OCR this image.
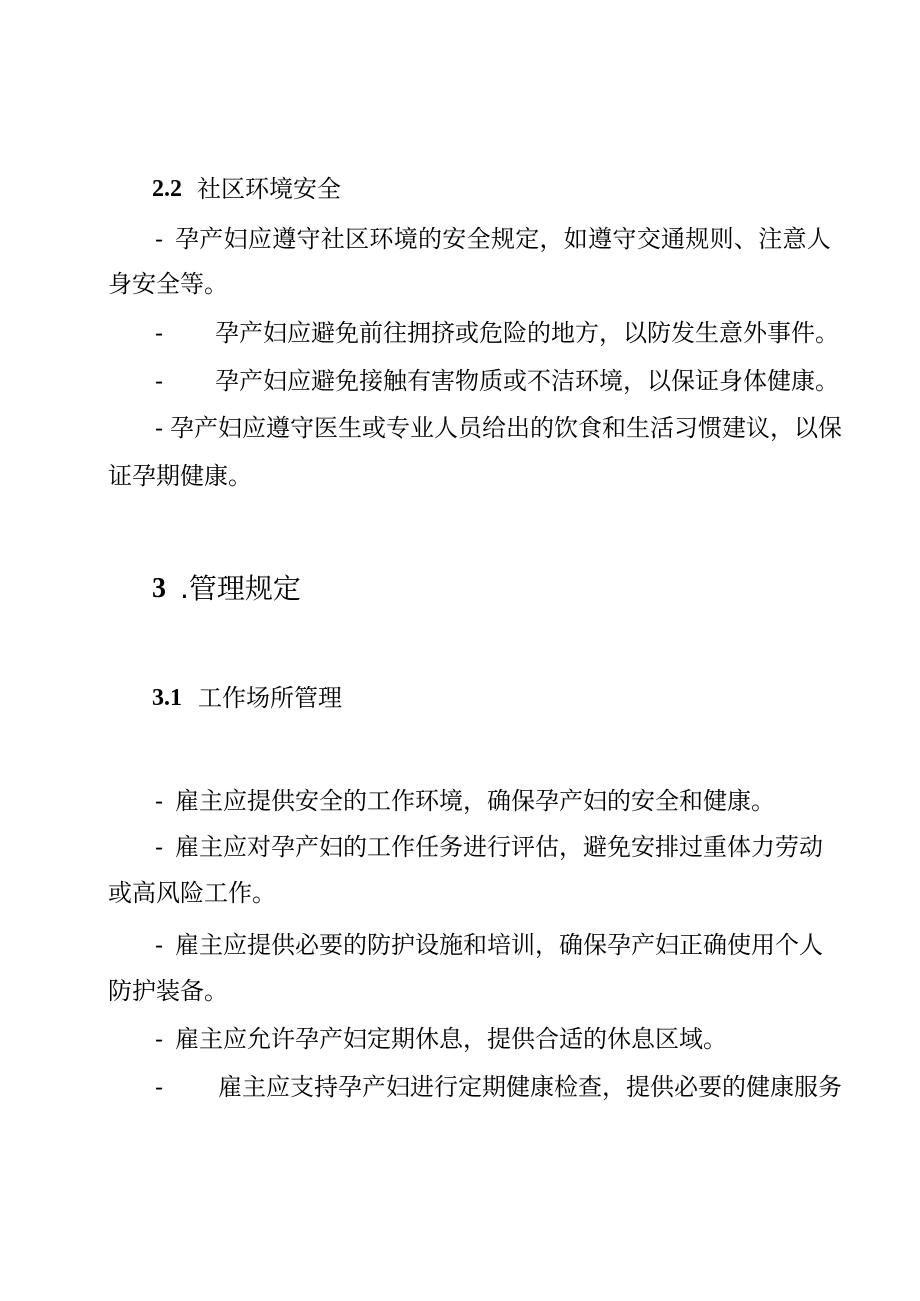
2.2 社区环境安全
- 孕产妇应遵守社区环境的安全规定，如遵守交通规则、注意人
身安全等。
- 孕产妇应避免前往拥挤或危险的地方，以防发生意外事件。
- 孕产妇应避免接触有害物质或不洁环境，以保证身体健康。
- 孕产妇应遵守医生或专业人员给出的饮食和生活习惯建议，以保
证孕期健康。
3 .管理规定
3.1 工作场所管理
- 雇主应提供安全的工作环境，确保孕产妇的安全和健康。
- 雇主应对孕产妇的工作任务进行评估，避免安排过重体力劳动
或高风险工作。
- 雇主应提供必要的防护设施和培训，确保孕产妇正确使用个人
防护装备。
- 雇主应允许孕产妇定期休息，提供合适的休息区域。
- 雇主应支持孕产妇进行定期健康检查，提供必要的健康服务
